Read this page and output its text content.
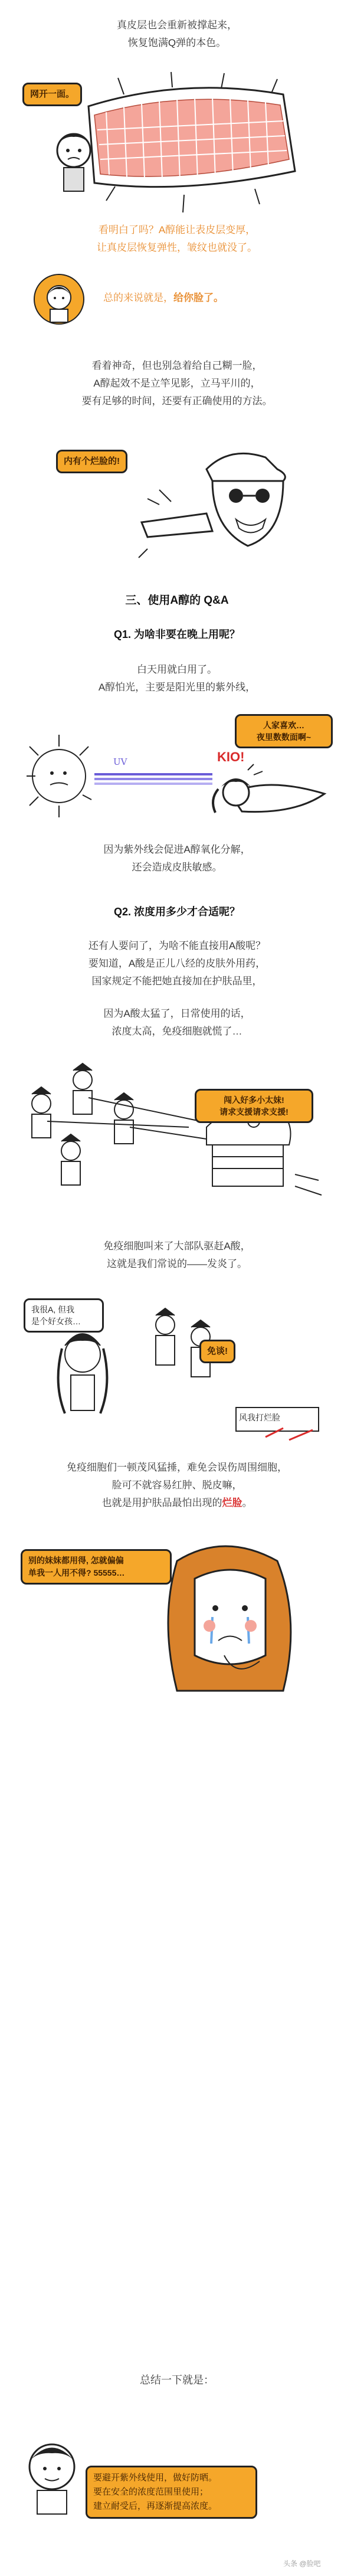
真皮层也会重新被撑起来，
恢复饱满Q弹的本色。
网开一面。
看明白了吗？A醇能让表皮层变厚，
让真皮层恢复弹性，皱纹也就没了。
总的来说就是，给你脸了。
看着神奇，但也别急着给自己糊一脸，
A醇起效不是立竿见影，立马平川的，
要有足够的时间，还要有正确使用的方法。
内有个烂脸的!
三、使用A醇的 Q&A
Q1. 为啥非要在晚上用呢？
白天用就白用了。
A醇怕光，主要是阳光里的紫外线，
UV	KIO!
人家喜欢…
夜里数数面啊~
因为紫外线会促进A醇氧化分解，
还会造成皮肤敏感。
Q2. 浓度用多少才合适呢？
还有人要问了，为啥不能直接用A酸呢？
要知道，A酸是正儿八经的皮肤外用药，
国家规定不能把她直接加在护肤品里，
因为A酸太猛了，日常使用的话，
浓度太高，免疫细胞就慌了…
闯入好多小太妹!
请求支援请求支援!
免疫细胞叫来了大部队驱赶A酸，
这就是我们常说的——发炎了。
我很A, 但我
是个好女孩…
免谈!
风我打烂脸
免疫细胞们一顿茂风猛捶，难免会误伤周围细胞，
脸可不就容易红肿、脱皮嘛，
也就是用护肤品最怕出现的烂脸。
别的妹妹都用得, 怎就偏偏
单我一人用不得? 55555…
总结一下就是：
要避开紫外线使用，做好防晒。
要在安全的浓度范围里使用；
建立耐受后，再逐渐提高浓度。
头条 @脸吧
